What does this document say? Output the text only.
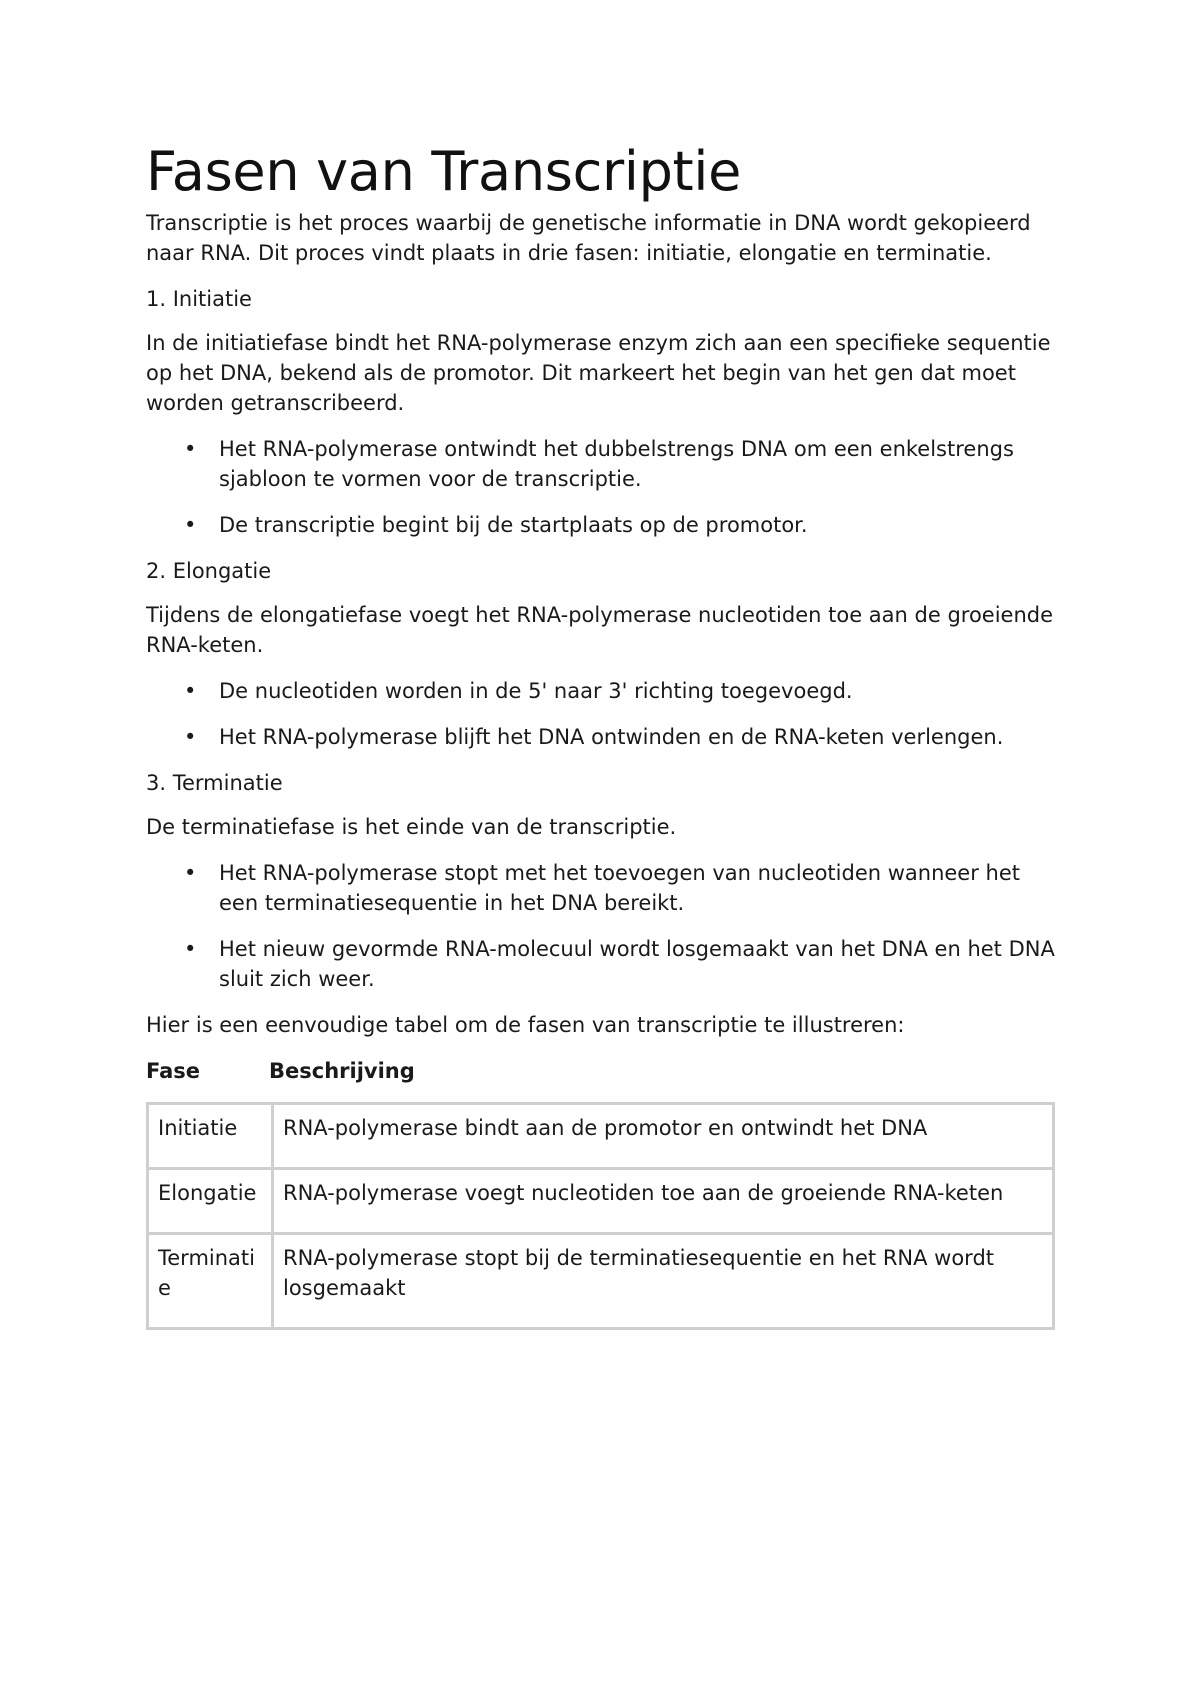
Fasen van Transcriptie

Transcriptie is het proces waarbij de genetische informatie in DNA wordt gekopieerd naar RNA. Dit proces vindt plaats in drie fasen: initiatie, elongatie en terminatie.

1. Initiatie

In de initiatiefase bindt het RNA-polymerase enzym zich aan een specifieke sequentie op het DNA, bekend als de promotor. Dit markeert het begin van het gen dat moet worden getranscribeerd.

• Het RNA-polymerase ontwindt het dubbelstrengs DNA om een enkelstrengs sjabloon te vormen voor de transcriptie.
• De transcriptie begint bij de startplaats op de promotor.

2. Elongatie

Tijdens de elongatiefase voegt het RNA-polymerase nucleotiden toe aan de groeiende RNA-keten.

• De nucleotiden worden in de 5' naar 3' richting toegevoegd.
• Het RNA-polymerase blijft het DNA ontwinden en de RNA-keten verlengen.

3. Terminatie

De terminatiefase is het einde van de transcriptie.

• Het RNA-polymerase stopt met het toevoegen van nucleotiden wanneer het een terminatiesequentie in het DNA bereikt.
• Het nieuw gevormde RNA-molecuul wordt losgemaakt van het DNA en het DNA sluit zich weer.

Hier is een eenvoudige tabel om de fasen van transcriptie te illustreren:

Fase	Beschrijving
Initiatie	RNA-polymerase bindt aan de promotor en ontwindt het DNA
Elongatie	RNA-polymerase voegt nucleotiden toe aan de groeiende RNA-keten
Terminatie	RNA-polymerase stopt bij de terminatiesequentie en het RNA wordt losgemaakt
